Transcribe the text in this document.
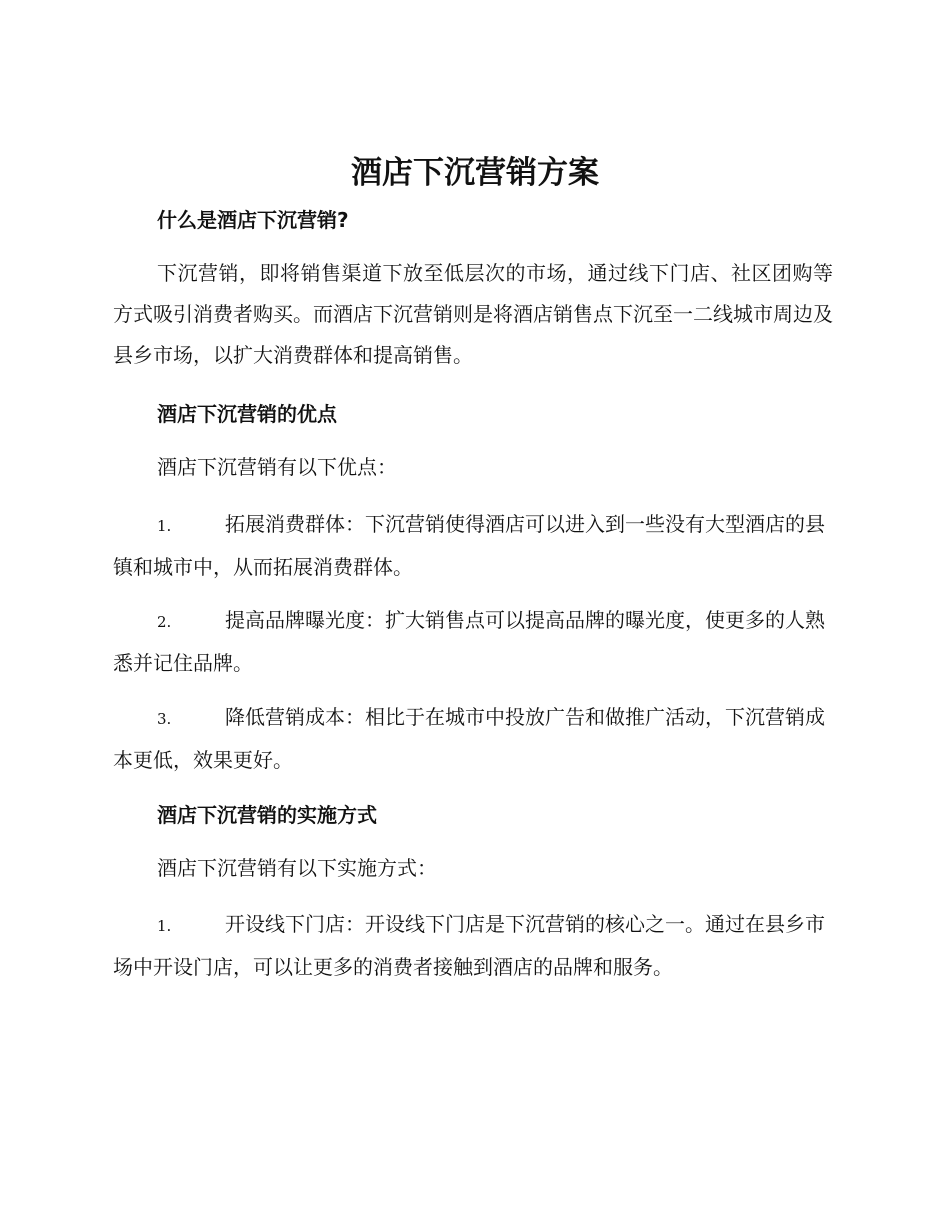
酒店下沉营销方案
什么是酒店下沉营销?

下沉营销，即将销售渠道下放至低层次的市场，通过线下门店、社区团购等方式吸引消费者购买。而酒店下沉营销则是将酒店销售点下沉至一二线城市周边及县乡市场，以扩大消费群体和提高销售。

酒店下沉营销的优点

酒店下沉营销有以下优点：

1.	拓展消费群体：下沉营销使得酒店可以进入到一些没有大型酒店的县镇和城市中，从而拓展消费群体。

2.	提高品牌曝光度：扩大销售点可以提高品牌的曝光度，使更多的人熟悉并记住品牌。

3.	降低营销成本：相比于在城市中投放广告和做推广活动，下沉营销成本更低，效果更好。

酒店下沉营销的实施方式

酒店下沉营销有以下实施方式：

1.	开设线下门店：开设线下门店是下沉营销的核心之一。通过在县乡市场中开设门店，可以让更多的消费者接触到酒店的品牌和服务。
